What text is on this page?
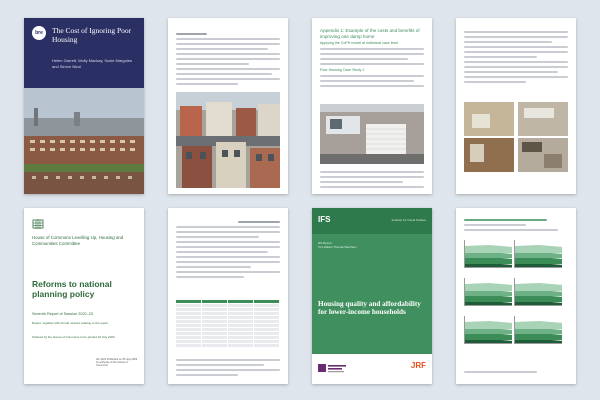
bre	The Cost of Ignoring Poor Housing
Helen Garrett, Molly Mackay, Susie Margoles and Simon Nicol
Appendix 1: Example of the costs and benefits of improving one damp home
Applying the CoPH model at individual case level
Poor Housing Case Study 1
House of Commons Levelling Up, Housing and Communities Committee
Reforms to national planning policy
Seventh Report of Session 2022–23
Report, together with formal minutes relating to the report
Ordered by the House of Commons to be printed 19 July 2023
HC 1122 Published on 25 July 2023 by authority of the House of Commons
IFS	Institute for Fiscal Studies
IFS Report
Tom Waters Thomas Wernham
Housing quality and affordability for lower-income households
JRF
